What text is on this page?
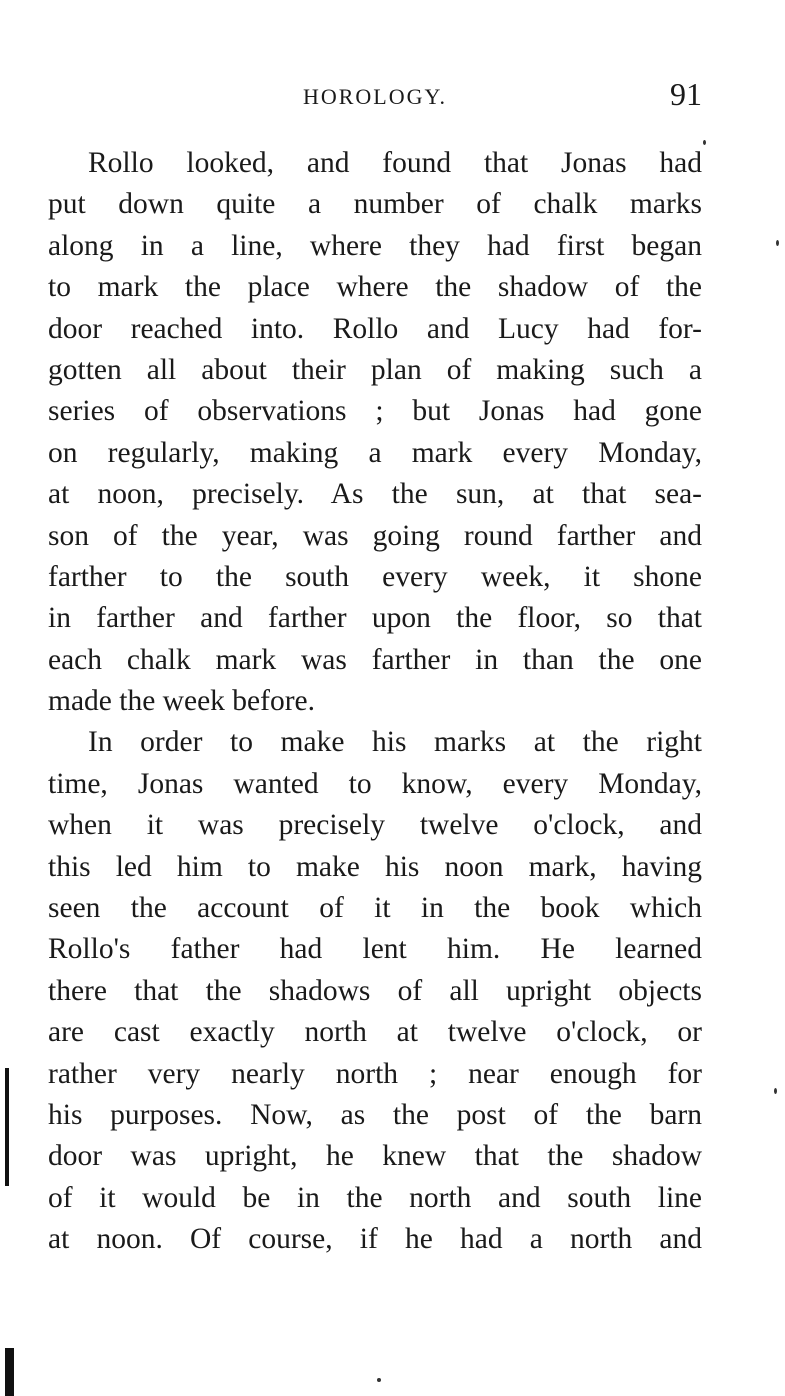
HOROLOGY.	91
Rollo looked, and found that Jonas had
put down quite a number of chalk marks
along in a line, where they had first began
to mark the place where the shadow of the
door reached into. Rollo and Lucy had for-
gotten all about their plan of making such a
series of observations ; but Jonas had gone
on regularly, making a mark every Monday,
at noon, precisely. As the sun, at that sea-
son of the year, was going round farther and
farther to the south every week, it shone
in farther and farther upon the floor, so that
each chalk mark was farther in than the one
made the week before.
In order to make his marks at the right
time, Jonas wanted to know, every Monday,
when it was precisely twelve o'clock, and
this led him to make his noon mark, having
seen the account of it in the book which
Rollo's father had lent him. He learned
there that the shadows of all upright objects
are cast exactly north at twelve o'clock, or
rather very nearly north ; near enough for
his purposes. Now, as the post of the barn
door was upright, he knew that the shadow
of it would be in the north and south line
at noon. Of course, if he had a north and
